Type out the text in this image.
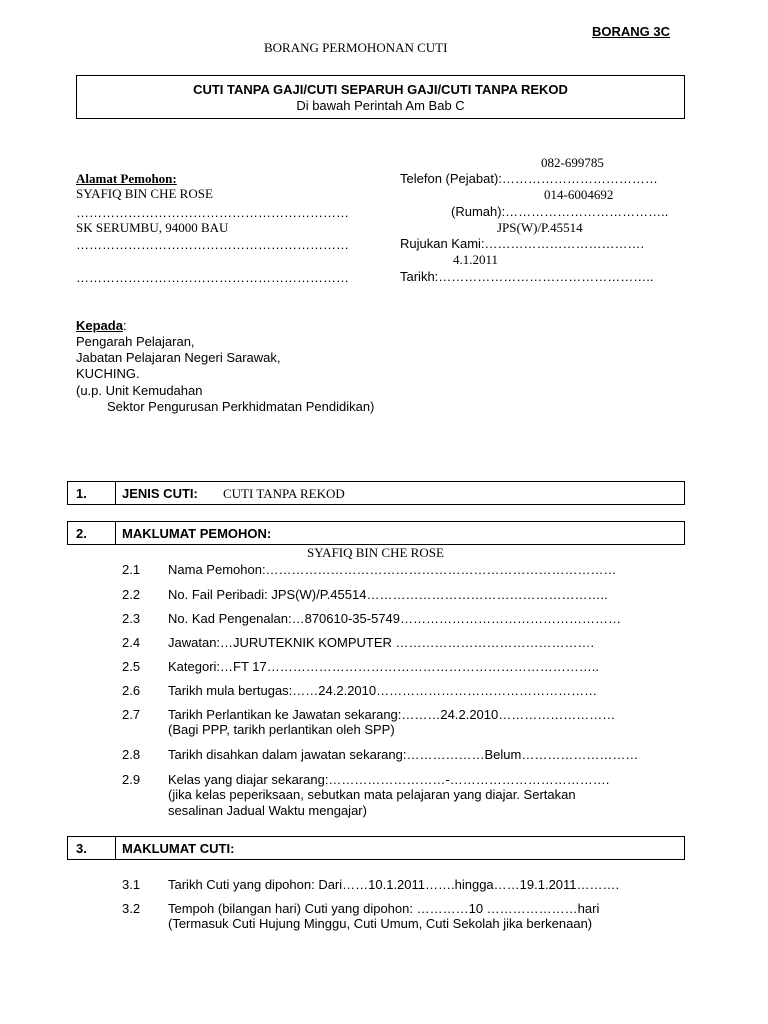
BORANG 3C
BORANG PERMOHONAN CUTI
CUTI TANPA GAJI/CUTI SEPARUH GAJI/CUTI TANPA REKOD
Di bawah Perintah Am Bab C
Alamat Pemohon:
SYAFIQ BIN CHE ROSE
………………………………………………………
SK SERUMBU, 94000 BAU
………………………………………………………
………………………………………………………
082-699785
Telefon (Pejabat):………………………………
014-6004692
(Rumah):………………………………..
JPS(W)/P.45514
Rujukan Kami:……………………………….
4.1.2011
Tarikh:…………………………………………..
Kepada:
Pengarah Pelajaran,
Jabatan Pelajaran Negeri Sarawak,
KUCHING.
(u.p. Unit Kemudahan
Sektor Pengurusan Perkhidmatan Pendidikan)
1.	JENIS CUTI: CUTI TANPA REKOD
2.	MAKLUMAT PEMOHON:
SYAFIQ BIN CHE ROSE
2.1 Nama Pemohon:………………………………………………………………………
2.2 No. Fail Peribadi: JPS(W)/P.45514………………………………………………..
2.3 No. Kad Pengenalan:…870610-35-5749……………………………………………
2.4 Jawatan:…JURUTEKNIK KOMPUTER ……………………………………….
2.5 Kategori:…FT 17…………………………………………………………………..
2.6 Tarikh mula bertugas:……24.2.2010……………………………………………
2.7 Tarikh Perlantikan ke Jawatan sekarang:………24.2.2010………………………
(Bagi PPP, tarikh perlantikan oleh SPP)
2.8 Tarikh disahkan dalam jawatan sekarang:………………Belum………………………
2.9 Kelas yang diajar sekarang:………………………-……………………………….
(jika kelas peperiksaan, sebutkan mata pelajaran yang diajar. Sertakan
sesalinan Jadual Waktu mengajar)
3.	MAKLUMAT CUTI:
3.1 Tarikh Cuti yang dipohon: Dari……10.1.2011…….hingga……19.1.2011……….
3.2 Tempoh (bilangan hari) Cuti yang dipohon: …………10 …………………hari
(Termasuk Cuti Hujung Minggu, Cuti Umum, Cuti Sekolah jika berkenaan)
